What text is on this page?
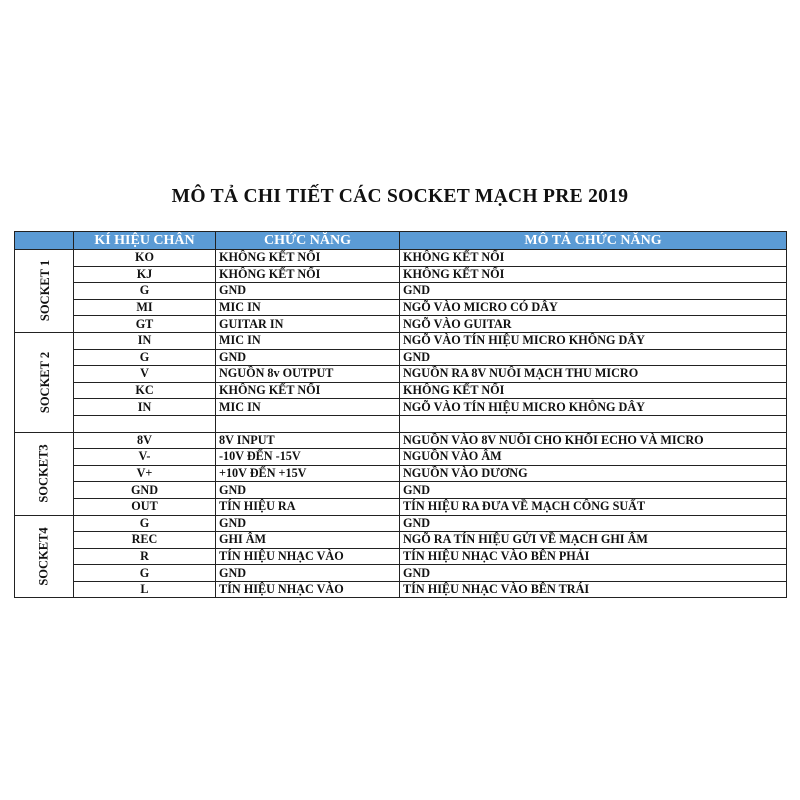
MÔ TẢ CHI TIẾT CÁC SOCKET MẠCH PRE 2019
	KÍ HIỆU CHÂN	CHỨC NĂNG	MÔ TẢ CHỨC NĂNG
SOCKET 1	KO	KHÔNG KẾT NỐI	KHÔNG KẾT NỐI
	KJ	KHÔNG KẾT NỐI	KHÔNG KẾT NỐI
	G	GND	GND
	MI	MIC IN	NGÕ VÀO MICRO CÓ DÂY
	GT	GUITAR IN	NGÕ VÀO GUITAR
SOCKET 2	IN	MIC IN	NGÕ VÀO TÍN HIỆU MICRO KHÔNG DÂY
	G	GND	GND
	V	NGUỒN 8v OUTPUT	NGUỒN RA 8V NUÔI MẠCH THU MICRO
	KC	KHÔNG KẾT NỐI	KHÔNG KẾT NỐI
	IN	MIC IN	NGÕ VÀO TÍN HIỆU MICRO KHÔNG DÂY

SOCKET3	8V	8V INPUT	NGUỒN VÀO 8V NUÔI CHO KHỐI ECHO VÀ MICRO
	V-	-10V ĐẾN -15V	NGUỒN VÀO ÂM
	V+	+10V ĐẾN +15V	NGUỒN VÀO DƯƠNG
	GND	GND	GND
	OUT	TÍN HIỆU RA	TÍN HIỆU RA ĐƯA VỀ MẠCH CÔNG SUẤT
SOCKET4	G	GND	GND
	REC	GHI ÂM	NGÕ RA TÍN HIỆU GỬI VỀ MẠCH GHI ÂM
	R	TÍN HIỆU NHẠC VÀO	TÍN HIỆU NHẠC VÀO BÊN PHẢI
	G	GND	GND
	L	TÍN HIỆU NHẠC VÀO	TÍN HIỆU NHẠC VÀO BÊN TRÁI
